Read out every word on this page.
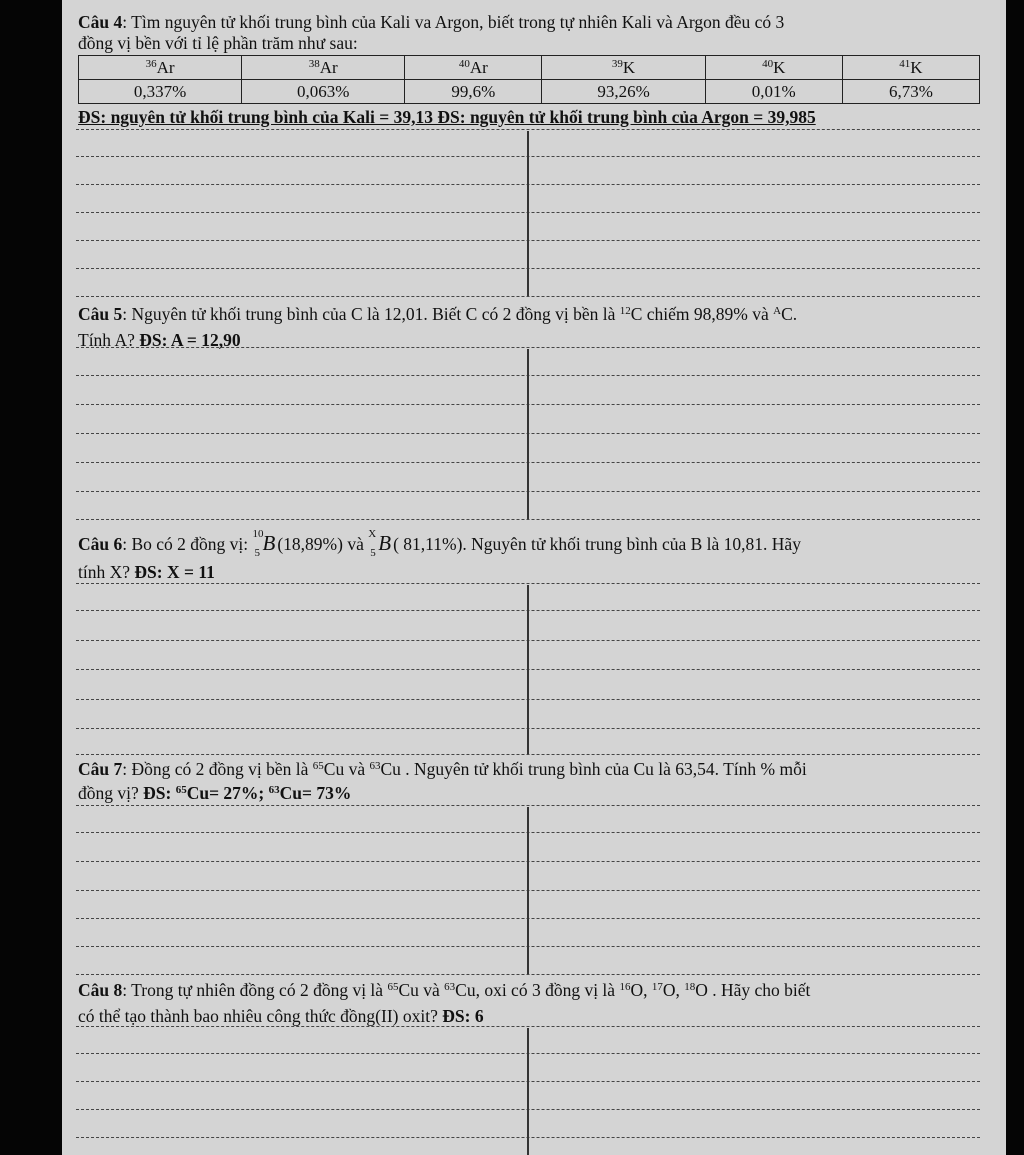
Câu 4: Tìm nguyên tử khối trung bình của Kali va Argon, biết trong tự nhiên Kali và Argon đều có 3
đồng vị bền với tỉ lệ phần trăm như sau:
$^{36}$Ar	$^{38}$Ar	$^{40}$Ar	$^{39}$K	$^{40}$K	$^{41}$K
0,337%	0,063%	99,6%	93,26%	0,01%	6,73%
ĐS: nguyên tử khối trung bình của Kali = 39,13 ĐS: nguyên tử khối trung bình của Argon = 39,985
Câu 5: Nguyên tử khối trung bình của C là 12,01. Biết C có 2 đồng vị bền là $^{12}$C chiếm 98,89% và $^A$C.
Tính A? ĐS: A = 12,90
Câu 6: Bo có 2 đồng vị: 10
5 B (18,89%) và X
5 B ( 81,11%). Nguyên tử khối trung bình của B là 10,81. Hãy
tính X? ĐS: X = 11
Câu 7: Đồng có 2 đồng vị bền là $^{65}$Cu và $^{63}$Cu . Nguyên tử khối trung bình của Cu là 63,54. Tính % mỗi
đồng vị? ĐS: $^{65}$Cu= 27%; $^{63}$Cu= 73%
Câu 8: Trong tự nhiên đồng có 2 đồng vị là $^{65}$Cu và $^{63}$Cu, oxi có 3 đồng vị là $^{16}$O, $^{17}$O, $^{18}$O . Hãy cho biết
có thể tạo thành bao nhiêu công thức đồng(II) oxit? ĐS: 6
